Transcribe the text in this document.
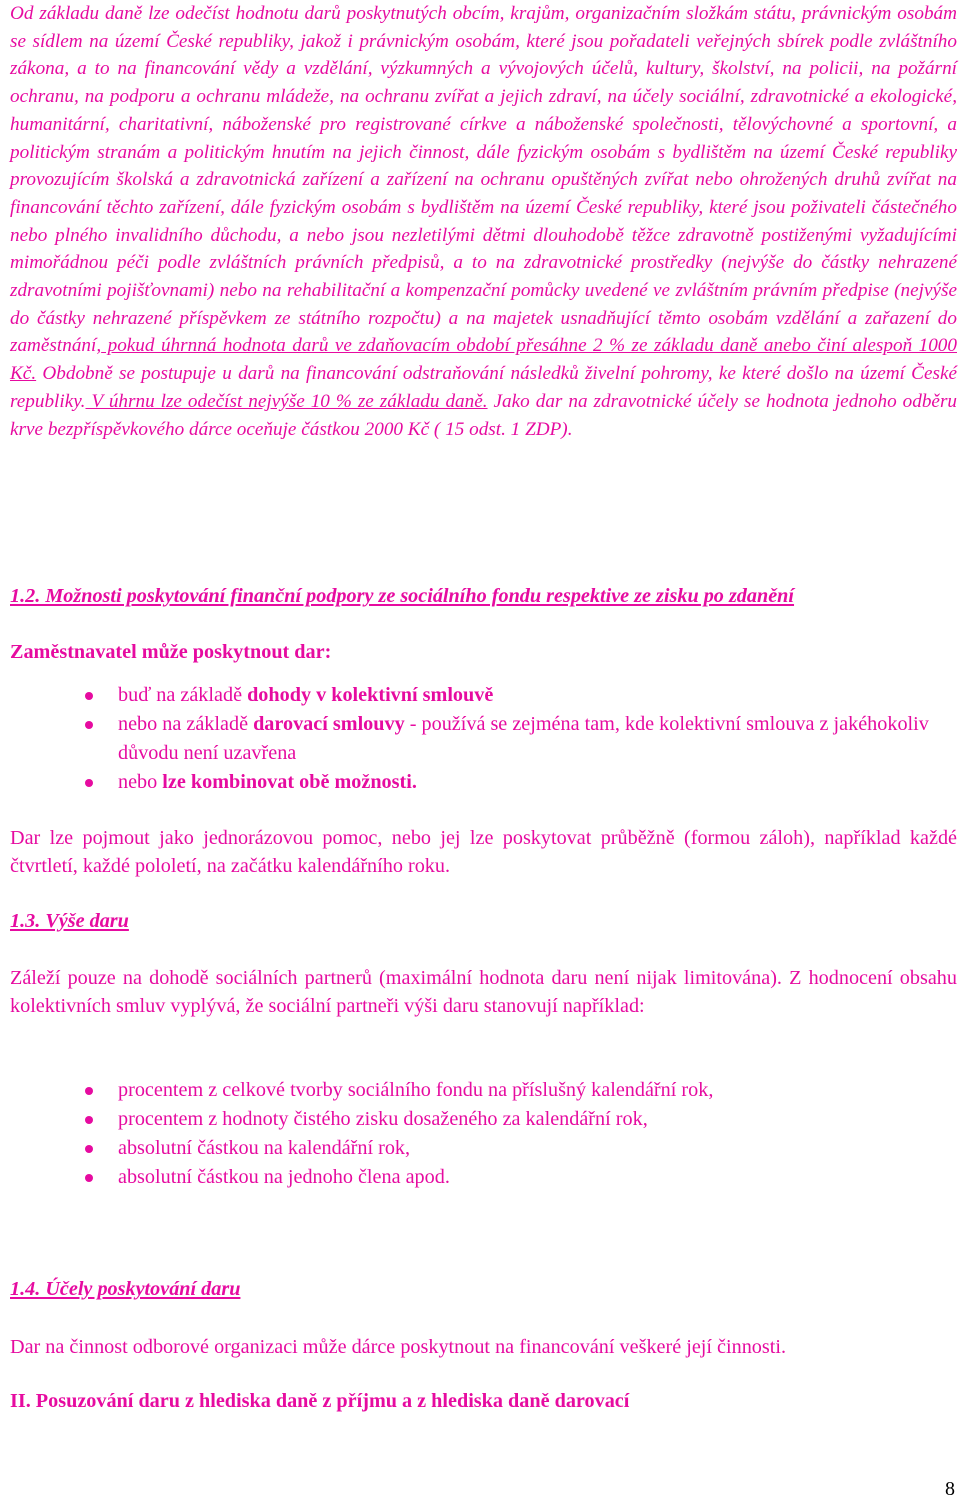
Od základu daně lze odečíst hodnotu darů poskytnutých obcím, krajům, organizačním složkám státu, právnickým osobám se sídlem na území České republiky, jakož i právnickým osobám, které jsou pořadateli veřejných sbírek podle zvláštního zákona, a to na financování vědy a vzdělání, výzkumných a vývojových účelů, kultury, školství, na policii, na požární ochranu, na podporu a ochranu mládeže, na ochranu zvířat a jejich zdraví, na účely sociální, zdravotnické a ekologické, humanitární, charitativní, náboženské pro registrované církve a náboženské společnosti, tělovýchovné a sportovní, a politickým stranám a politickým hnutím na jejich činnost, dále fyzickým osobám s bydlištěm na území České republiky provozujícím školská a zdravotnická zařízení a zařízení na ochranu opuštěných zvířat nebo ohrožených druhů zvířat na financování těchto zařízení, dále fyzickým osobám s bydlištěm na území České republiky, které jsou poživateli částečného nebo plného invalidního důchodu, a nebo jsou nezletilými dětmi dlouhodobě těžce zdravotně postiženými vyžadujícími mimořádnou péči podle zvláštních právních předpisů, a to na zdravotnické prostředky (nejvýše do částky nehrazené zdravotními pojišťovnami) nebo na rehabilitační a kompenzační pomůcky uvedené ve zvláštním právním předpise (nejvýše do částky nehrazené příspěvkem ze státního rozpočtu) a na majetek usnadňující těmto osobám vzdělání a zařazení do zaměstnání, pokud úhrnná hodnota darů ve zdaňovacím období přesáhne 2 % ze základu daně anebo činí alespoň 1000 Kč. Obdobně se postupuje u darů na financování odstraňování následků živelní pohromy, ke které došlo na území České republiky. V úhrnu lze odečíst nejvýše 10 % ze základu daně. Jako dar na zdravotnické účely se hodnota jednoho odběru krve bezpříspěvkového dárce oceňuje částkou 2000 Kč ( 15 odst. 1 ZDP).

1.2. Možnosti poskytování finanční podpory ze sociálního fondu respektive ze zisku po zdanění

Zaměstnavatel může poskytnout dar:

buď na základě dohody v kolektivní smlouvě
nebo na základě darovací smlouvy - používá se zejména tam, kde kolektivní smlouva z jakéhokoliv důvodu není uzavřena
nebo lze kombinovat obě možnosti.

Dar lze pojmout jako jednorázovou pomoc, nebo jej lze poskytovat průběžně (formou záloh), například každé čtvrtletí, každé pololetí, na začátku kalendářního roku.

1.3. Výše daru

Záleží pouze na dohodě sociálních partnerů (maximální hodnota daru není nijak limitována). Z hodnocení obsahu kolektivních smluv vyplývá, že sociální partneři výši daru stanovují například:

procentem z celkové tvorby sociálního fondu na příslušný kalendářní rok,
procentem z hodnoty čistého zisku dosaženého za kalendářní rok,
absolutní částkou na kalendářní rok,
absolutní částkou na jednoho člena apod.

1.4. Účely poskytování daru

Dar na činnost odborové organizaci může dárce poskytnout na financování veškeré její činnosti.

II. Posuzování daru z hlediska daně z příjmu a z hlediska daně darovací

8
